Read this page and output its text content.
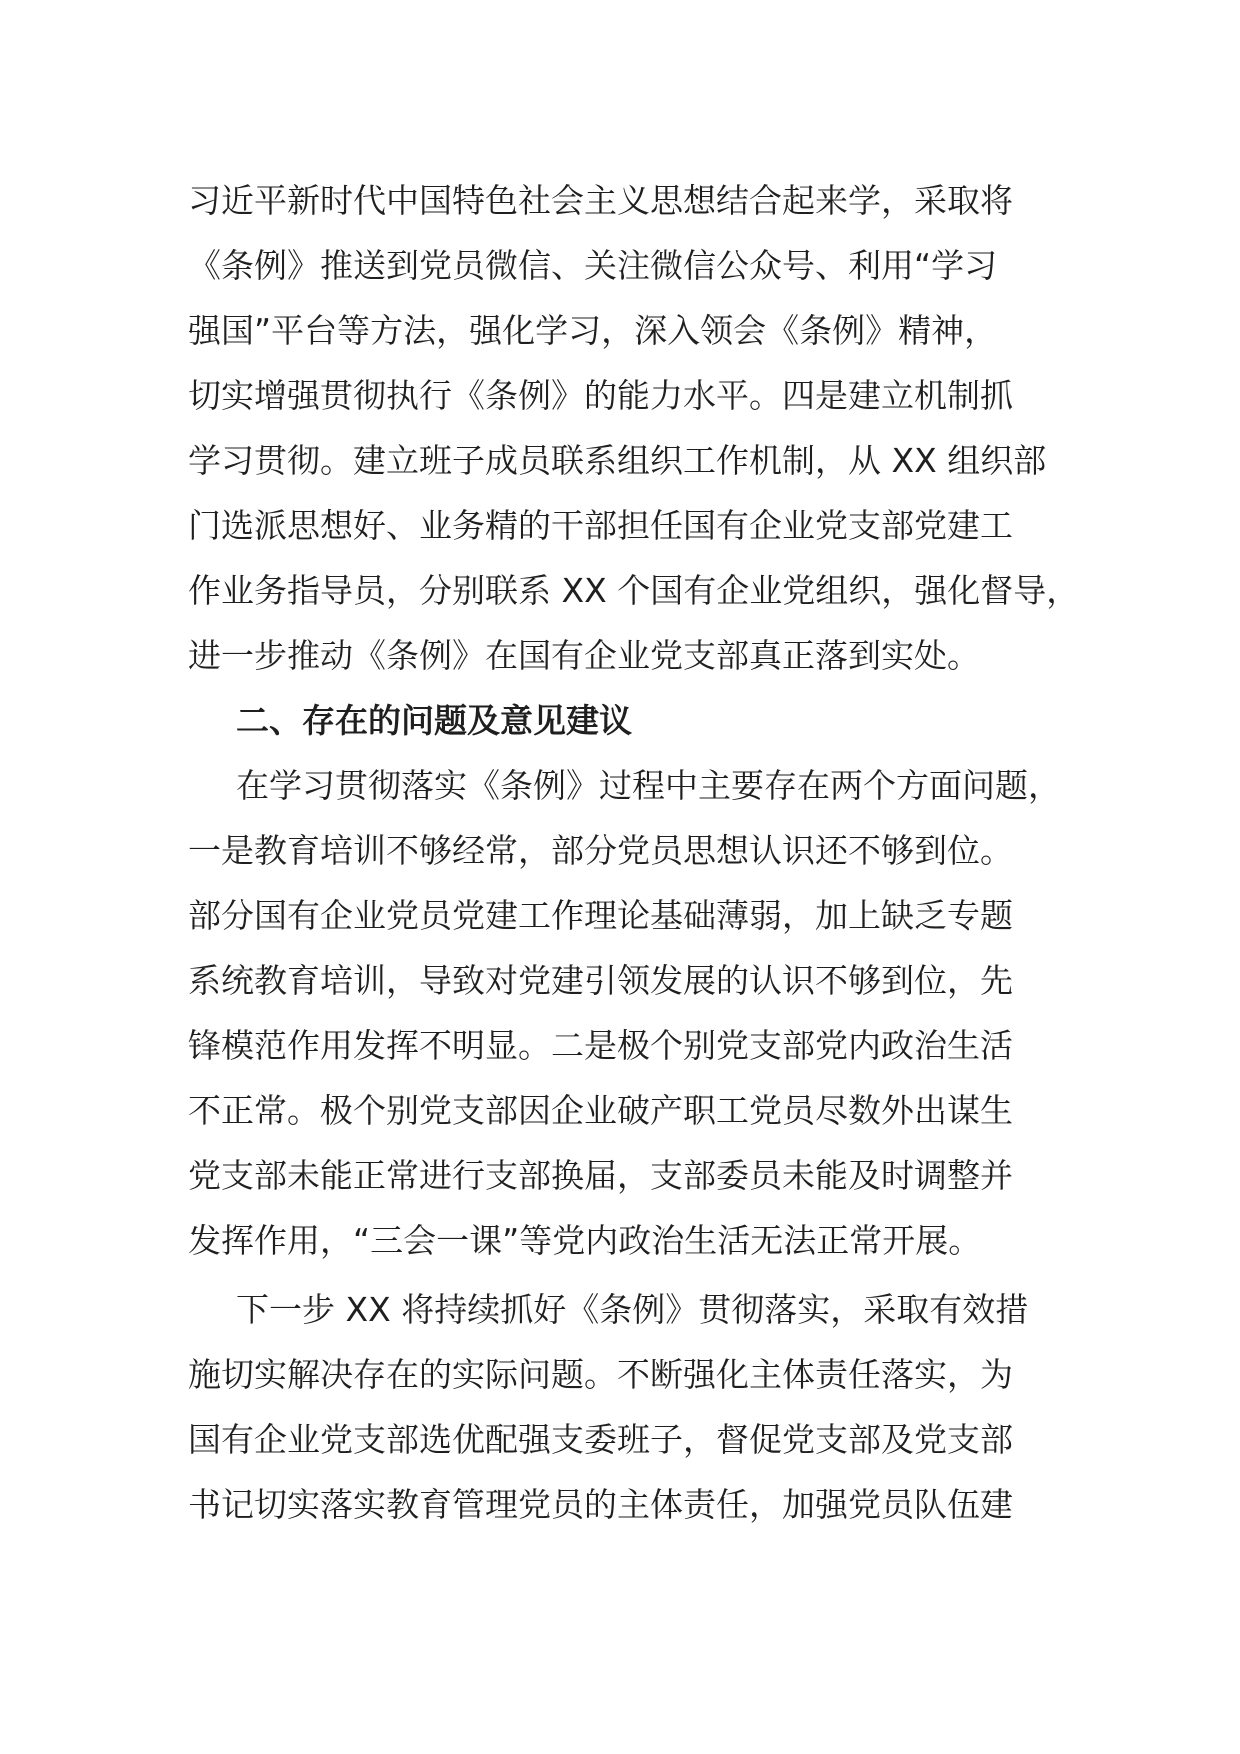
习近平新时代中国特色社会主义思想结合起来学，采取将
《条例》推送到党员微信、关注微信公众号、利用“学习
强国”平台等方法，强化学习，深入领会《条例》精神，
切实增强贯彻执行《条例》的能力水平。四是建立机制抓
学习贯彻。建立班子成员联系组织工作机制，从 XX 组织部
门选派思想好、业务精的干部担任国有企业党支部党建工
作业务指导员，分别联系 XX 个国有企业党组织，强化督导，
进一步推动《条例》在国有企业党支部真正落到实处。
二、存在的问题及意见建议
在学习贯彻落实《条例》过程中主要存在两个方面问题，
一是教育培训不够经常，部分党员思想认识还不够到位。
部分国有企业党员党建工作理论基础薄弱，加上缺乏专题
系统教育培训，导致对党建引领发展的认识不够到位，先
锋模范作用发挥不明显。二是极个别党支部党内政治生活
不正常。极个别党支部因企业破产职工党员尽数外出谋生
党支部未能正常进行支部换届，支部委员未能及时调整并
发挥作用，“三会一课”等党内政治生活无法正常开展。
下一步 XX 将持续抓好《条例》贯彻落实，采取有效措
施切实解决存在的实际问题。不断强化主体责任落实，为
国有企业党支部选优配强支委班子，督促党支部及党支部
书记切实落实教育管理党员的主体责任，加强党员队伍建
